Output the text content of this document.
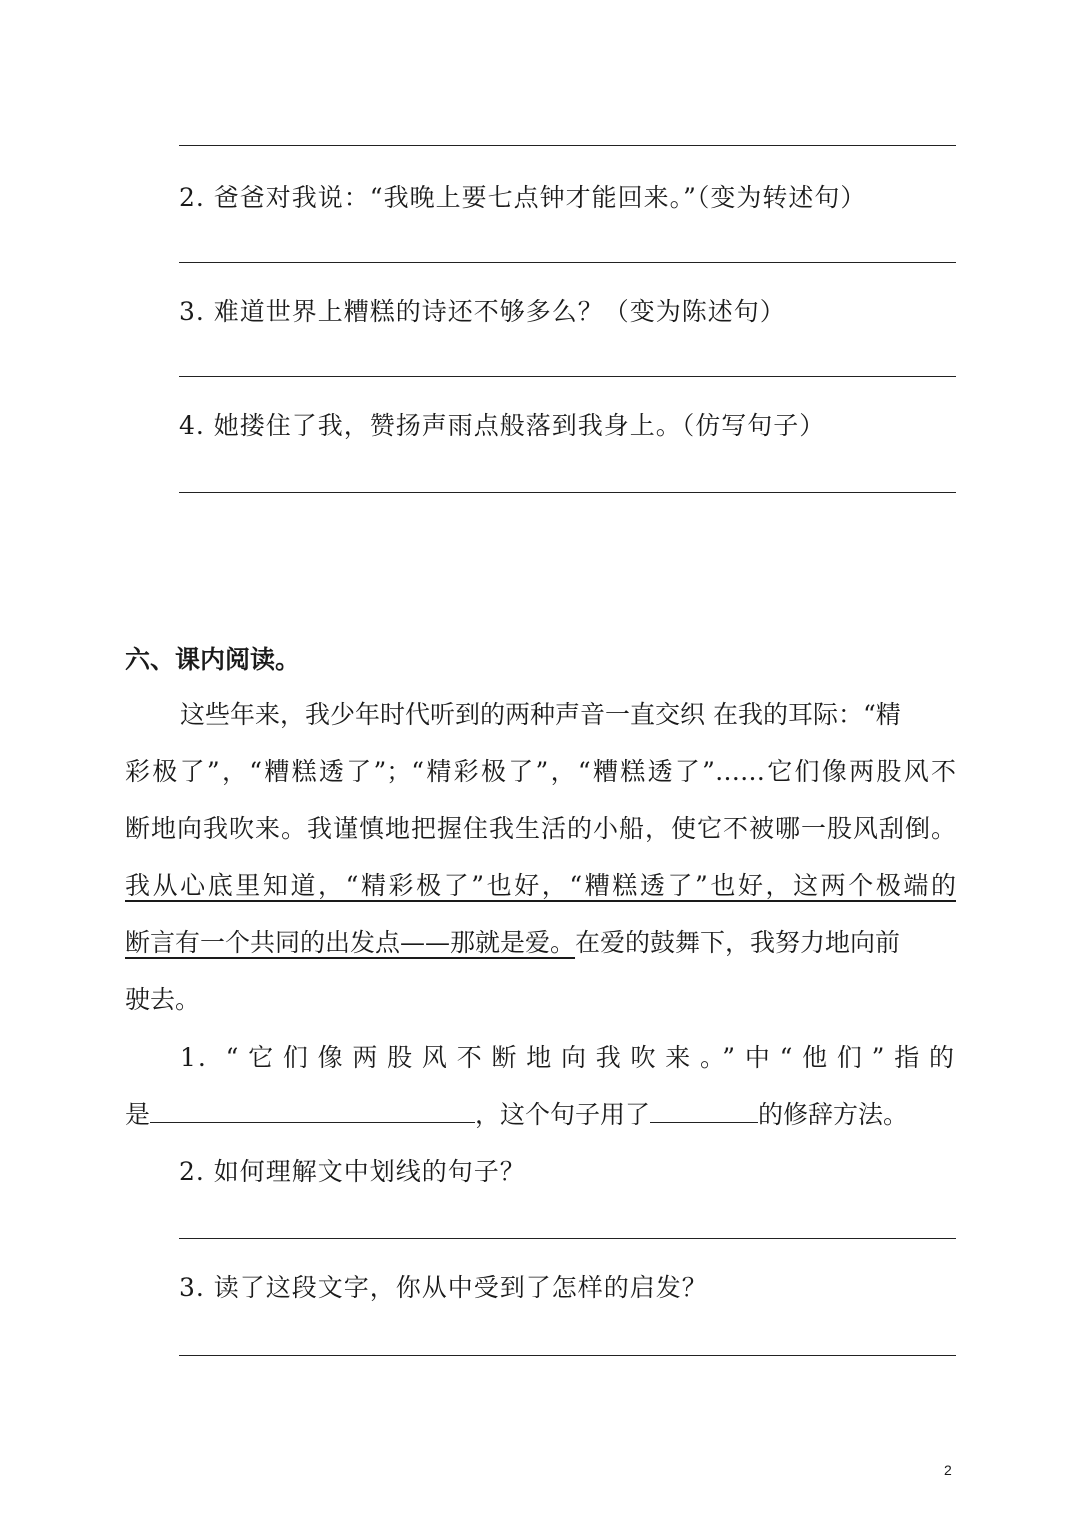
2. 爸爸对我说：“我晚上要七点钟才能回来。”（变为转述句）
3. 难道世界上糟糕的诗还不够多么？（变为陈述句）
4. 她搂住了我，赞扬声雨点般落到我身上。（仿写句子）
六、课内阅读。
这些年来，我少年时代听到的两种声音一直交织 在我的耳际：“精
彩极了”，“糟糕透了”；“精彩极了”，“糟糕透了”……它们像两股风不
断地向我吹来。我谨慎地把握住我生活的小船，使它不被哪一股风刮倒。
我从心底里知道，“精彩极了”也好，“糟糕透了”也好，这两个极端的
断言有一个共同的出发点——那就是爱。在爱的鼓舞下，我努力地向前
驶去。
1. “它们像两股风不断地向我吹来。”中“他们”指的
是	，这个句子用了	的修辞方法。
2. 如何理解文中划线的句子？
3. 读了这段文字，你从中受到了怎样的启发？
2
